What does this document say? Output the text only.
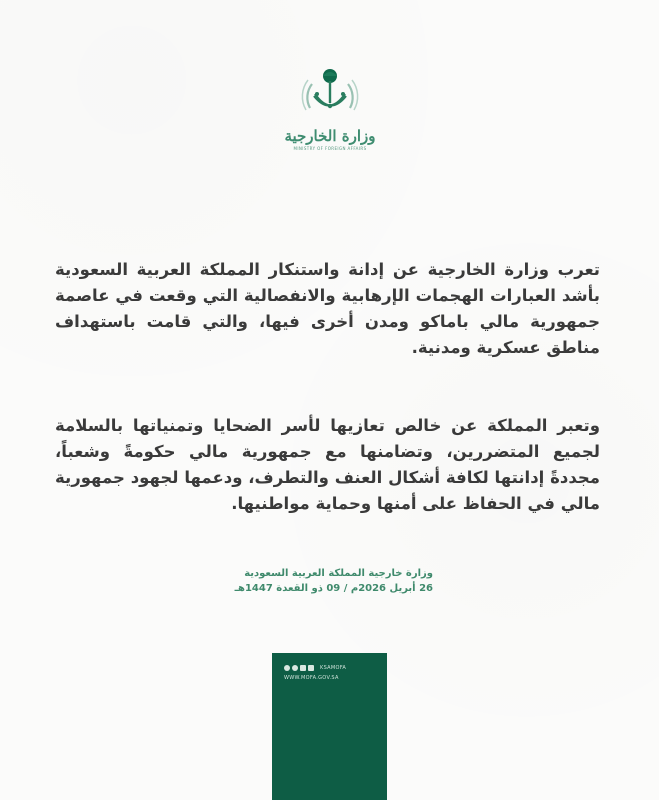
وزارة الخارجية
MINISTRY OF FOREIGN AFFAIRS

تعرب وزارة الخارجية عن إدانة واستنكار المملكة العربية السعودية بأشد العبارات الهجمات الإرهابية والانفصالية التي وقعت في عاصمة جمهورية مالي باماكو ومدن أخرى فيها، والتي قامت باستهداف مناطق عسكرية ومدنية.

وتعبر المملكة عن خالص تعازيها لأسر الضحايا وتمنياتها بالسلامة لجميع المتضررين، وتضامنها مع جمهورية مالي حكومةً وشعباً، مجددةً إدانتها لكافة أشكال العنف والتطرف، ودعمها لجهود جمهورية مالي في الحفاظ على أمنها وحماية مواطنيها.

وزارة خارجية المملكة العربية السعودية
26 أبريل 2026م / 09 ذو القعدة 1447هـ
KSAMOFA
WWW.MOFA.GOV.SA
